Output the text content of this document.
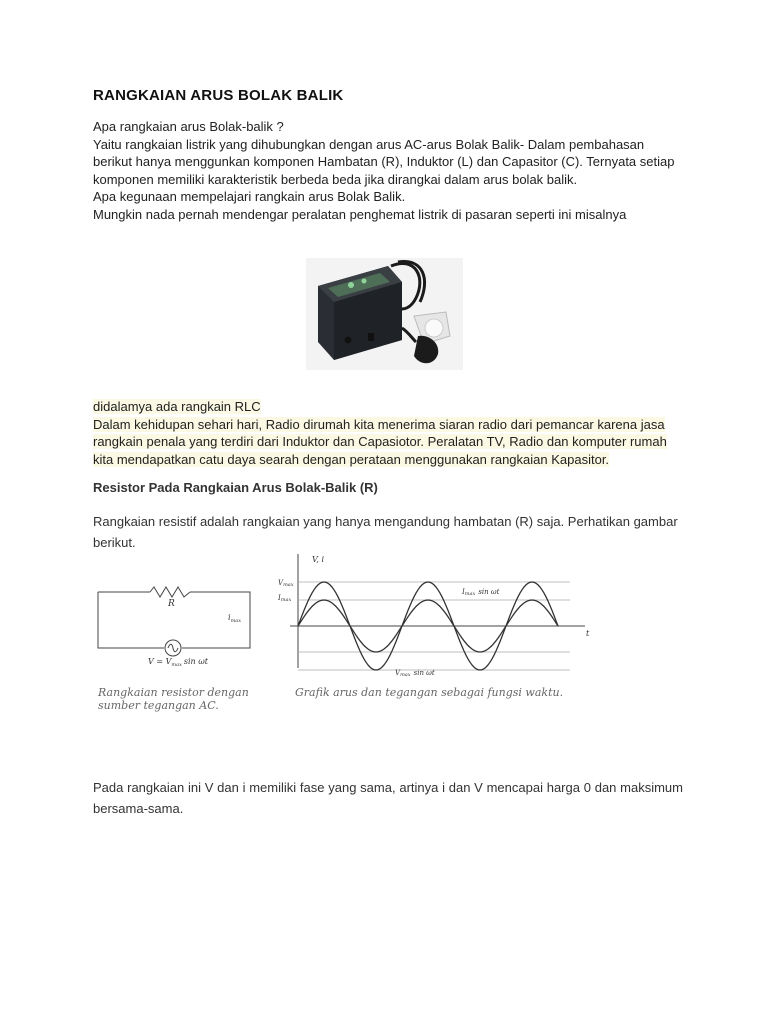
RANGKAIAN ARUS BOLAK BALIK
Apa rangkaian arus Bolak-balik ?
Yaitu rangkaian listrik yang dihubungkan dengan arus AC-arus Bolak Balik- Dalam pembahasan
berikut hanya menggunkan komponen Hambatan (R), Induktor (L) dan Capasitor (C). Ternyata setiap
komponen memiliki karakteristik berbeda beda jika dirangkai dalam arus bolak balik.
Apa kegunaan mempelajari rangkain arus Bolak Balik.
Mungkin nada pernah mendengar peralatan penghemat listrik di pasaran seperti ini misalnya
didalamya ada rangkain RLC
Dalam kehidupan sehari hari, Radio dirumah kita menerima siaran radio dari pemancar karena jasa
rangkain penala yang terdiri dari Induktor dan Capasiotor. Peralatan TV, Radio dan komputer rumah
kita mendapatkan catu daya searah dengan perataan menggunakan rangkaian Kapasitor.
Resistor Pada Rangkaian Arus Bolak-Balik (R)
Rangkaian resistif adalah rangkaian yang hanya mengandung hambatan (R) saja. Perhatikan gambar berikut.
R
$i_{max}$
$V = V_{max}$ sin ωt
V, i
t
Vmax
Imax
Imax sin ωt
Vmax sin ωt
Rangkaian resistor dengan
sumber tegangan AC.
Grafik arus dan tegangan sebagai fungsi waktu.
Pada rangkaian ini V dan i memiliki fase yang sama, artinya i dan V mencapai harga 0 dan maksimum bersama-sama.
